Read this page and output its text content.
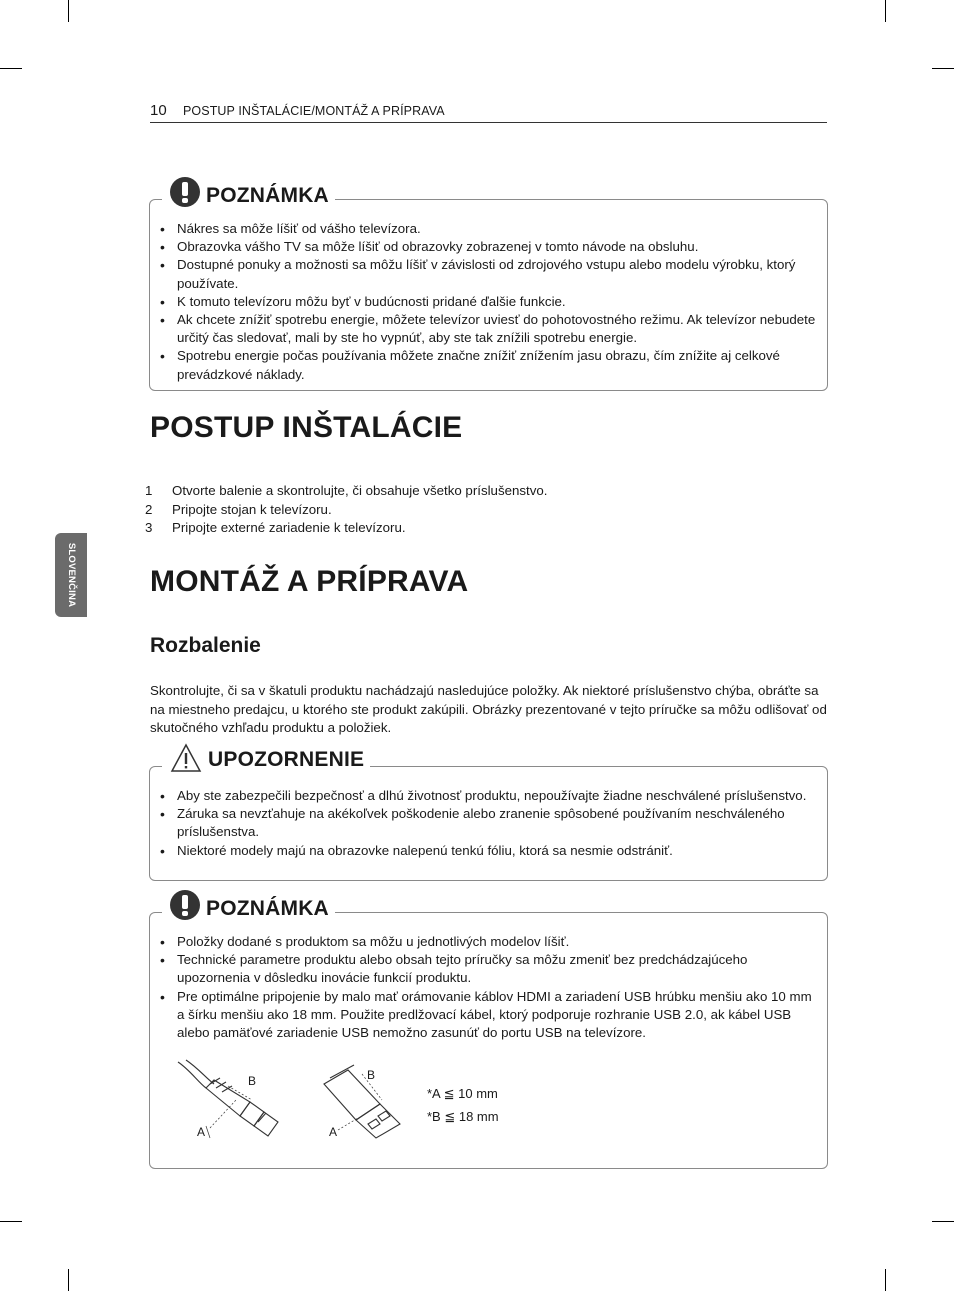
10 POSTUP INŠTALÁCIE/MONTÁŽ A PRÍPRAVA
SLOVENČINA
POZNÁMKA
• Nákres sa môže líšiť od vášho televízora.
• Obrazovka vášho TV sa môže líšiť od obrazovky zobrazenej v tomto návode na obsluhu.
• Dostupné ponuky a možnosti sa môžu líšiť v závislosti od zdrojového vstupu alebo modelu výrobku, ktorý používate.
• K tomuto televízoru môžu byť v budúcnosti pridané ďalšie funkcie.
• Ak chcete znížiť spotrebu energie, môžete televízor uviesť do pohotovostného režimu. Ak televízor nebudete určitý čas sledovať, mali by ste ho vypnúť, aby ste tak znížili spotrebu energie.
• Spotrebu energie počas používania môžete značne znížiť znížením jasu obrazu, čím znížite aj celkové prevádzkové náklady.
POSTUP INŠTALÁCIE
1	Otvorte balenie a skontrolujte, či obsahuje všetko príslušenstvo.
2	Pripojte stojan k televízoru.
3	Pripojte externé zariadenie k televízoru.
MONTÁŽ A PRÍPRAVA
Rozbalenie
Skontrolujte, či sa v škatuli produktu nachádzajú nasledujúce položky. Ak niektoré príslušenstvo chýba, obráťte sa na miestneho predajcu, u ktorého ste produkt zakúpili. Obrázky prezentované v tejto príručke sa môžu odlišovať od skutočného vzhľadu produktu a položiek.
UPOZORNENIE
• Aby ste zabezpečili bezpečnosť a dlhú životnosť produktu, nepoužívajte žiadne neschválené príslušenstvo.
• Záruka sa nevzťahuje na akékoľvek poškodenie alebo zranenie spôsobené používaním neschváleného príslušenstva.
• Niektoré modely majú na obrazovke nalepenú tenkú fóliu, ktorá sa nesmie odstrániť.
POZNÁMKA
• Položky dodané s produktom sa môžu u jednotlivých modelov líšiť.
• Technické parametre produktu alebo obsah tejto príručky sa môžu zmeniť bez predchádzajúceho upozornenia v dôsledku inovácie funkcií produktu.
• Pre optimálne pripojenie by malo mať orámovanie káblov HDMI a zariadení USB hrúbku menšiu ako 10 mm a šírku menšiu ako 18 mm. Použite predlžovací kábel, ktorý podporuje rozhranie USB 2.0, ak kábel USB alebo pamäťové zariadenie USB nemožno zasunúť do portu USB na televízore.
A
B
A
B
*A ≦ 10 mm
*B ≦ 18 mm
